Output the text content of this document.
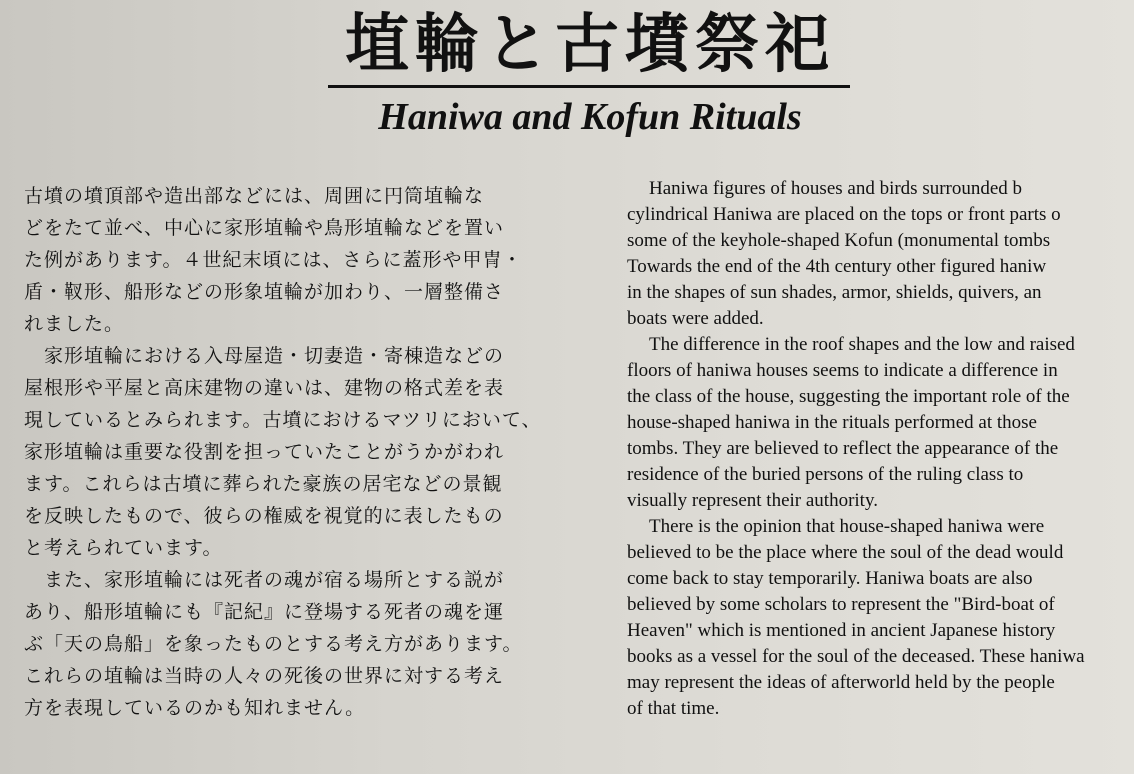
埴輪と古墳祭祀
Haniwa and Kofun Rituals

古墳の墳頂部や造出部などには、周囲に円筒埴輪な
どをたて並べ、中心に家形埴輪や鳥形埴輪などを置い
た例があります。４世紀末頃には、さらに蓋形や甲冑・
盾・靫形、船形などの形象埴輪が加わり、一層整備さ
れました。

　家形埴輪における入母屋造・切妻造・寄棟造などの
屋根形や平屋と高床建物の違いは、建物の格式差を表
現しているとみられます。古墳におけるマツリにおいて、
家形埴輪は重要な役割を担っていたことがうかがわれ
ます。これらは古墳に葬られた豪族の居宅などの景観
を反映したもので、彼らの権威を視覚的に表したもの
と考えられています。

　また、家形埴輪には死者の魂が宿る場所とする説が
あり、船形埴輪にも『記紀』に登場する死者の魂を運
ぶ「天の鳥船」を象ったものとする考え方があります。
これらの埴輪は当時の人々の死後の世界に対する考え
方を表現しているのかも知れません。

Haniwa figures of houses and birds surrounded b
cylindrical Haniwa are placed on the tops or front parts o
some of the keyhole-shaped Kofun (monumental tombs
Towards the end of the 4th century other figured haniw
in the shapes of sun shades, armor, shields, quivers, an
boats were added.

The difference in the roof shapes and the low and raised
floors of haniwa houses seems to indicate a difference in
the class of the house, suggesting the important role of the
house-shaped haniwa in the rituals performed at those
tombs. They are believed to reflect the appearance of the
residence of the buried persons of the ruling class to
visually represent their authority.

There is the opinion that house-shaped haniwa were
believed to be the place where the soul of the dead would
come back to stay temporarily. Haniwa boats are also
believed by some scholars to represent the "Bird-boat of
Heaven" which is mentioned in ancient Japanese history
books as a vessel for the soul of the deceased. These haniwa
may represent the ideas of afterworld held by the people
of that time.
